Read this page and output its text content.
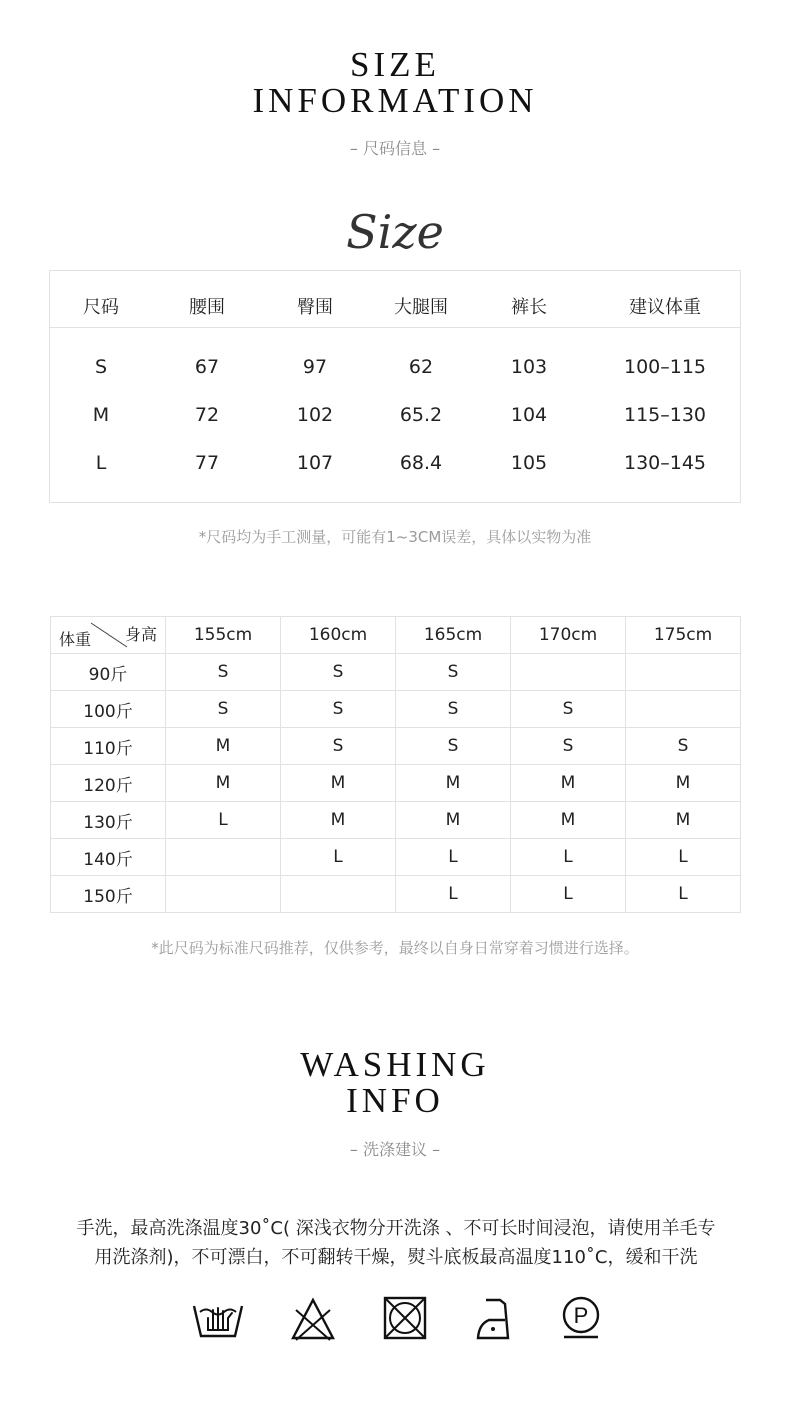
SIZE
INFORMATION
– 尺码信息 –
Size
尺码	腰围	臀围	大腿围	裤长	建议体重
S	67	97	62	103	100–115
M	72	102	65.2	104	115–130
L	77	107	68.4	105	130–145
*尺码均为手工测量，可能有1~3CM误差，具体以实物为准
身高
体重	155cm	160cm	165cm	170cm	175cm
90斤	S	S	S		
100斤	S	S	S	S	
110斤	M	S	S	S	S
120斤	M	M	M	M	M
130斤	L	M	M	M	M
140斤		L	L	L	L
150斤			L	L	L
*此尺码为标准尺码推荐，仅供参考，最终以自身日常穿着习惯进行选择。
WASHING
INFO
– 洗涤建议 –
手洗，最高洗涤温度30˚C( 深浅衣物分开洗涤 、不可长时间浸泡，请使用羊毛专
用洗涤剂)，不可漂白，不可翻转干燥，熨斗底板最高温度110˚C，缓和干洗
P
